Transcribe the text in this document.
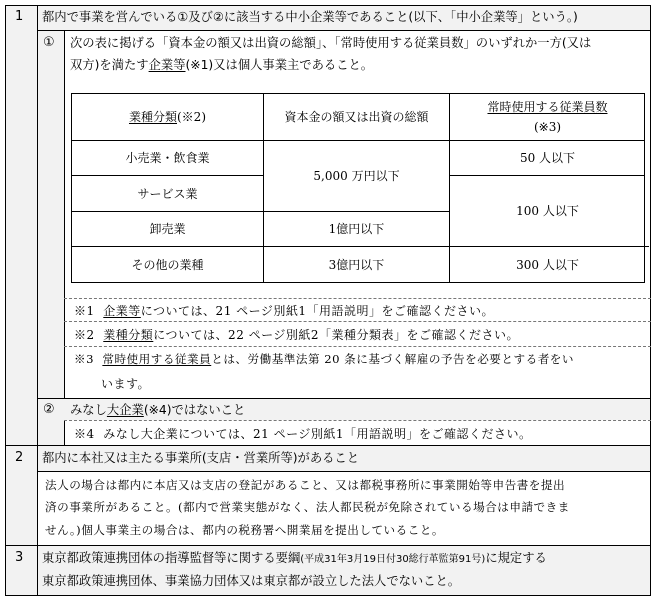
1 都内で事業を営んでいる①及び②に該当する中小企業等であること(以下、「中小企業等」という。)
① 次の表に掲げる「資本金の額又は出資の総額」、「常時使用する従業員数」のいずれか一方(又は
双方)を満たす企業等(※1)又は個人事業主であること。
業種分類(※2)	資本金の額又は出資の総額
常時使用する従業員数
(※3)
小売業・飲食業
サービス業
卸売業
その他の業種
5,000 万円以下
1億円以下
3億円以下
50 人以下
100 人以下
300 人以下
※1 企業等については、21 ページ別紙1「用語説明」をご確認ください。
※2 業種分類については、22 ページ別紙2「業種分類表」をご確認ください。
※3 常時使用する従業員とは、労働基準法第 20 条に基づく解雇の予告を必要とする者をい
います。
② みなし大企業(※4)ではないこと
※4 みなし大企業については、21 ページ別紙1「用語説明」をご確認ください。
2 都内に本社又は主たる事業所(支店・営業所等)があること
法人の場合は都内に本店又は支店の登記があること、又は都税事務所に事業開始等申告書を提出
済の事業所があること。(都内で営業実態がなく、法人都民税が免除されている場合は申請できま
せん。)個人事業主の場合は、都内の税務署へ開業届を提出していること。
3 東京都政策連携団体の指導監督等に関する要綱(平成31年3月19日付30総行革監第91号)に規定する
東京都政策連携団体、事業協力団体又は東京都が設立した法人でないこと。
